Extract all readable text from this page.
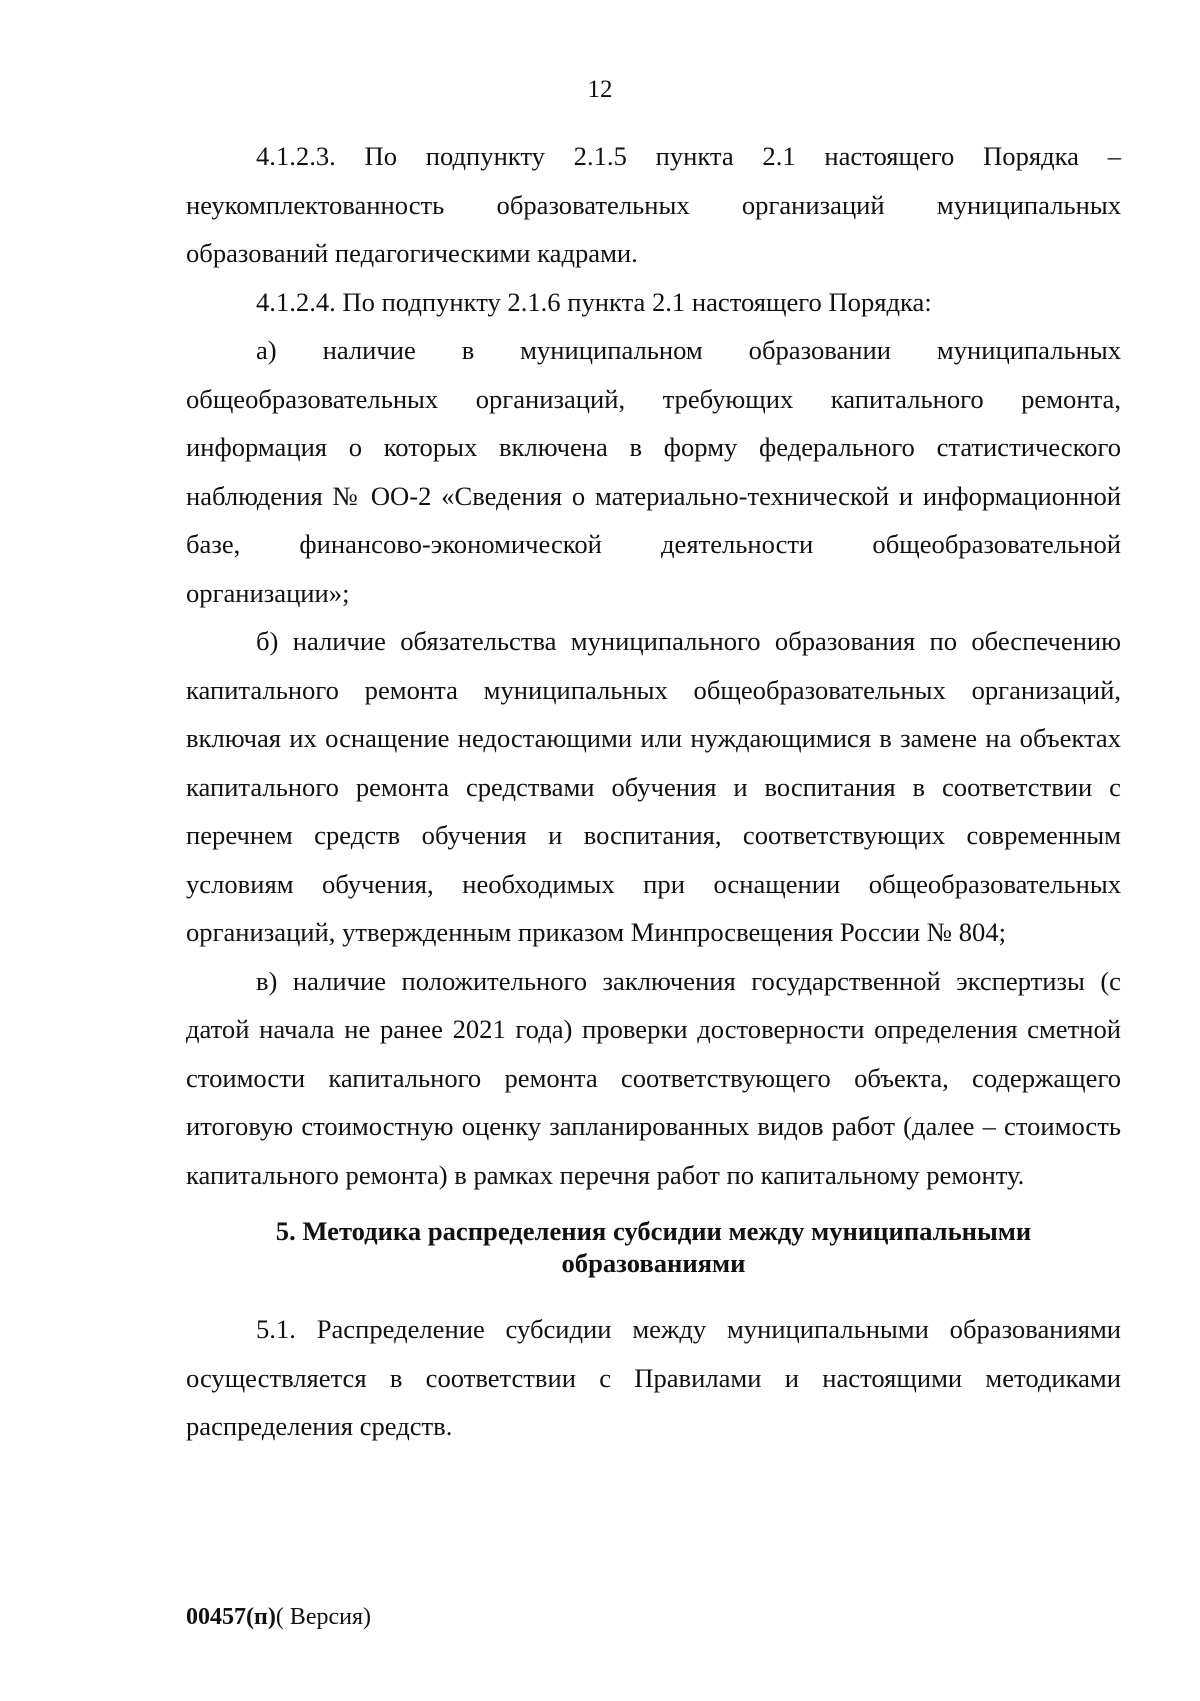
12

4.1.2.3. По подпункту 2.1.5 пункта 2.1 настоящего Порядка – неукомплектованность образовательных организаций муниципальных образований педагогическими кадрами.

4.1.2.4. По подпункту 2.1.6 пункта 2.1 настоящего Порядка:

а) наличие в муниципальном образовании муниципальных общеобразовательных организаций, требующих капитального ремонта, информация о которых включена в форму федерального статистического наблюдения № ОО-2 «Сведения о материально-технической и информационной базе, финансово-экономической деятельности общеобразовательной организации»;

б) наличие обязательства муниципального образования по обеспечению капитального ремонта муниципальных общеобразовательных организаций, включая их оснащение недостающими или нуждающимися в замене на объектах капитального ремонта средствами обучения и воспитания в соответствии с перечнем средств обучения и воспитания, соответствующих современным условиям обучения, необходимых при оснащении общеобразовательных организаций, утвержденным приказом Минпросвещения России № 804;

в) наличие положительного заключения государственной экспертизы (с датой начала не ранее 2021 года) проверки достоверности определения сметной стоимости капитального ремонта соответствующего объекта, содержащего итоговую стоимостную оценку запланированных видов работ (далее – стоимость капитального ремонта) в рамках перечня работ по капитальному ремонту.

5. Методика распределения субсидии между муниципальными образованиями

5.1. Распределение субсидии между муниципальными образованиями осуществляется в соответствии с Правилами и настоящими методиками распределения средств.

00457(п)( Версия)
